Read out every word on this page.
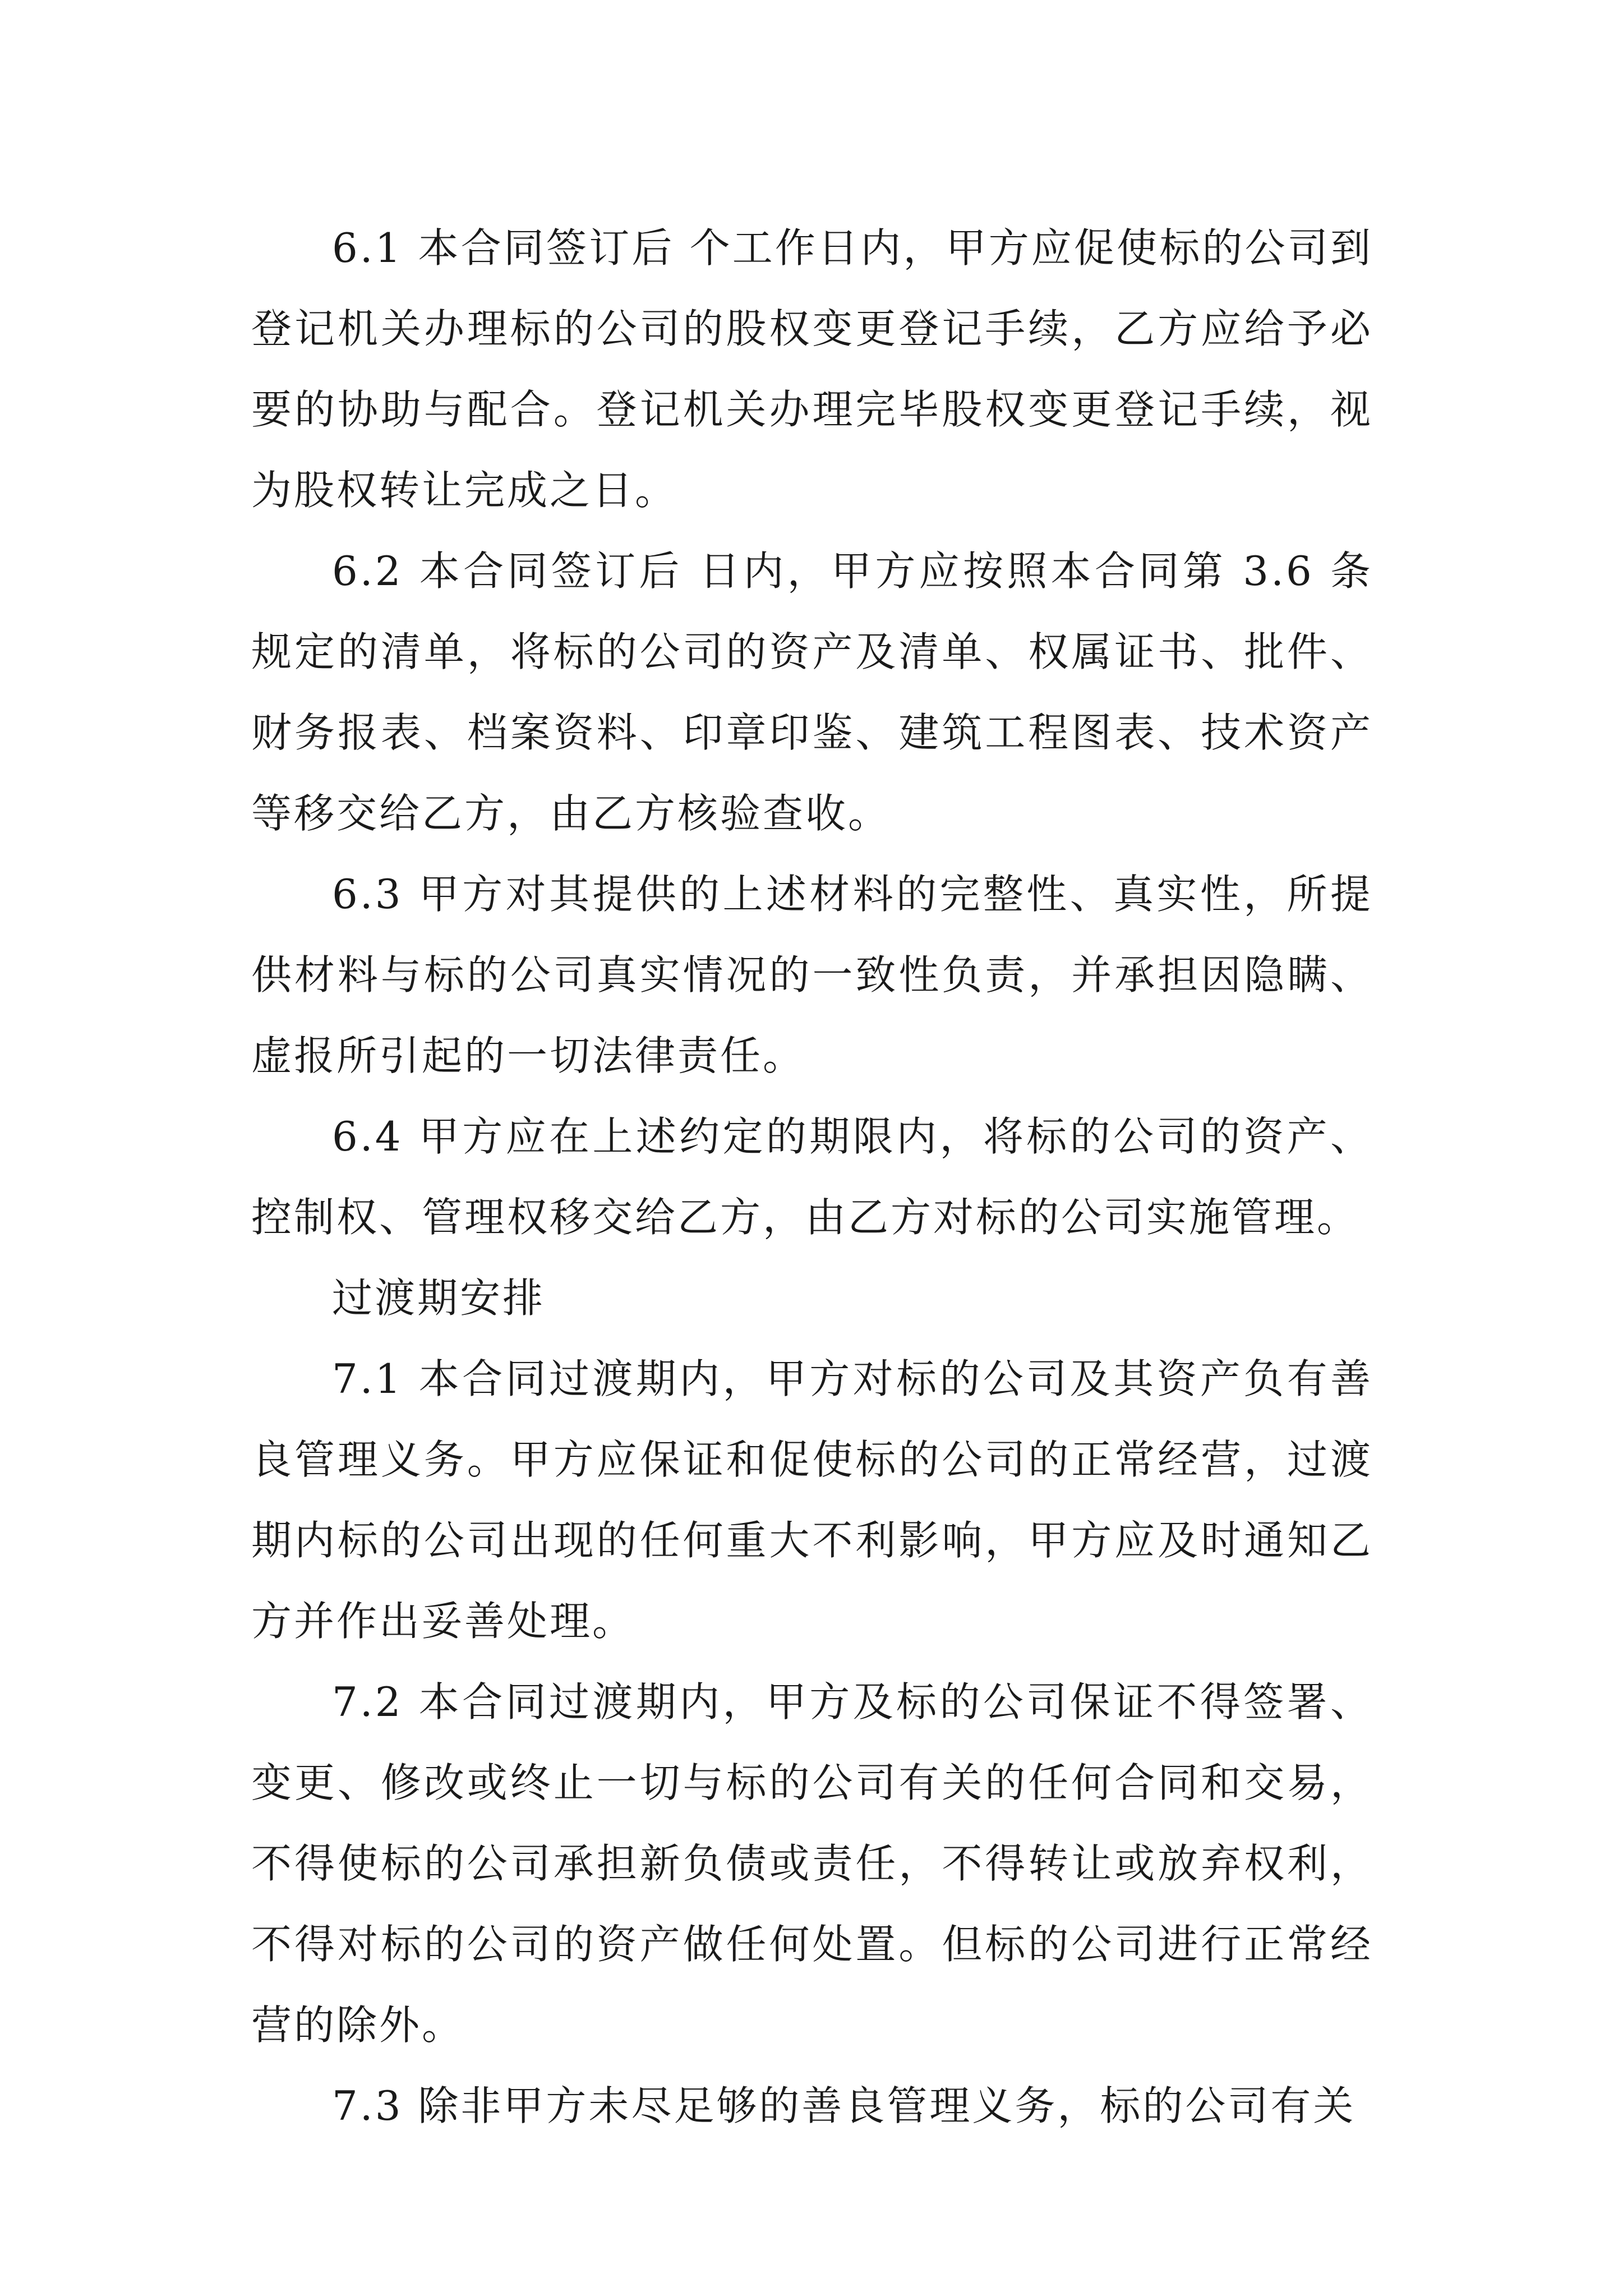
6.1 本合同签订后 个工作日内，甲方应促使标的公司到登记机关办理标的公司的股权变更登记手续，乙方应给予必要的协助与配合。登记机关办理完毕股权变更登记手续，视为股权转让完成之日。

6.2 本合同签订后 日内，甲方应按照本合同第 3.6 条规定的清单，将标的公司的资产及清单、权属证书、批件、财务报表、档案资料、印章印鉴、建筑工程图表、技术资产等移交给乙方，由乙方核验查收。

6.3 甲方对其提供的上述材料的完整性、真实性，所提供材料与标的公司真实情况的一致性负责，并承担因隐瞒、虚报所引起的一切法律责任。

6.4 甲方应在上述约定的期限内，将标的公司的资产、控制权、管理权移交给乙方，由乙方对标的公司实施管理。

过渡期安排

7.1 本合同过渡期内，甲方对标的公司及其资产负有善良管理义务。甲方应保证和促使标的公司的正常经营，过渡期内标的公司出现的任何重大不利影响，甲方应及时通知乙方并作出妥善处理。

7.2 本合同过渡期内，甲方及标的公司保证不得签署、变更、修改或终止一切与标的公司有关的任何合同和交易，不得使标的公司承担新负债或责任，不得转让或放弃权利，不得对标的公司的资产做任何处置。但标的公司进行正常经营的除外。

7.3 除非甲方未尽足够的善良管理义务，标的公司有关
